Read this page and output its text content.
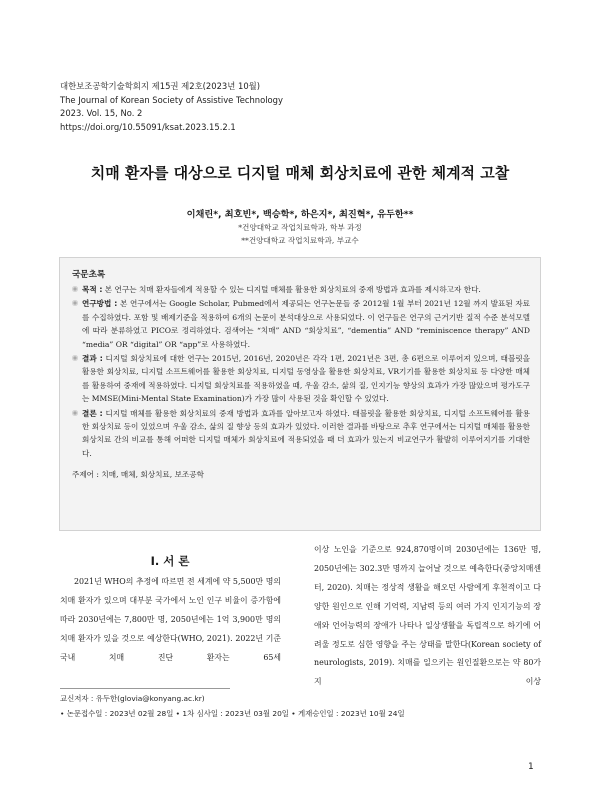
대한보조공학기술학회지 제15권 제2호(2023년 10월)
The Journal of Korean Society of Assistive Technology
2023. Vol. 15, No. 2
https://doi.org/10.55091/ksat.2023.15.2.1
치매 환자를 대상으로 디지털 매체 회상치료에 관한 체계적 고찰
이채린*, 최호빈*, 백승학*, 하은지*, 최진혁*, 유두한**
*건양대학교 작업치료학과, 학부 과정
**건양대학교 작업치료학과, 부교수
국문초록
목적 : 본 연구는 치매 환자들에게 적용할 수 있는 디지털 매체를 활용한 회상치료의 중재 방법과 효과를 제시하고자 한다.
연구방법 : 본 연구에서는 Google Scholar, Pubmed에서 제공되는 연구논문들 중 2012월 1월 부터 2021년 12월 까지 발표된 자료를 수집하였다. 포함 및 배제기준을 적용하여 6개의 논문이 분석대상으로 사용되었다. 이 연구들은 연구의 근거기반 질적 수준 분석모델에 따라 분류하였고 PICO로 정리하였다. 검색어는 “치매” AND “회상치료”, “dementia” AND “reminiscence therapy” AND “media” OR “digital” OR “app”로 사용하였다.
결과 : 디지털 회상치료에 대한 연구는 2015년, 2016년, 2020년은 각각 1편, 2021년은 3편, 총 6편으로 이루어져 있으며, 태블릿을 활용한 회상치료, 디지털 소프트웨어를 활용한 회상치료, 디지털 동영상을 활용한 회상치료, VR기기를 활용한 회상치료 등 다양한 매체를 활용하여 중재에 적용하였다. 디지털 회상치료를 적용하였을 때, 우울 감소, 삶의 질, 인지기능 향상의 효과가 가장 많았으며 평가도구는 MMSE(Mini-Mental State Examination)가 가장 많이 사용된 것을 확인할 수 있었다.
결론 : 디지털 매체를 활용한 회상치료의 중재 방법과 효과를 알아보고자 하였다. 태블릿을 활용한 회상치료, 디지털 소프트웨어를 활용한 회상치료 등이 있었으며 우울 감소, 삶의 질 향상 등의 효과가 있었다. 이러한 결과를 바탕으로 추후 연구에서는 디지털 매체를 활용한 회상치료 간의 비교를 통해 어떠한 디지털 매체가 회상치료에 적용되었을 때 더 효과가 있는지 비교연구가 활발히 이루어지기를 기대한다.
주제어 : 치매, 매체, 회상치료, 보조공학
I. 서 론
2021년 WHO의 추정에 따르면 전 세계에 약 5,500만 명의 치매 환자가 있으며 대부분 국가에서 노인 인구 비율이 증가함에 따라 2030년에는 7,800만 명, 2050년에는 1억 3,900만 명의 치매 환자가 있을 것으로 예상한다(WHO, 2021). 2022년 기준 국내 치매 진단 환자는 65세
이상 노인을 기준으로 924,870명이며 2030년에는 136만 명, 2050년에는 302.3만 명까지 늘어날 것으로 예측한다(중앙치매센터, 2020). 치매는 정상적 생활을 해오던 사람에게 후천적이고 다양한 원인으로 인해 기억력, 지남력 등의 여러 가지 인지기능의 장애와 언어능력의 장애가 나타나 일상생활을 독립적으로 하기에 어려울 정도로 심한 영향을 주는 상태를 말한다(Korean society of neurologists, 2019). 치매를 일으키는 원인질환으로는 약 80가지 이상
교신저자 : 유두한(glovia@konyang.ac.kr)
• 논문접수일 : 2023년 02월 28일 • 1차 심사일 : 2023년 03월 20일 • 게재승인일 : 2023년 10월 24일
1
